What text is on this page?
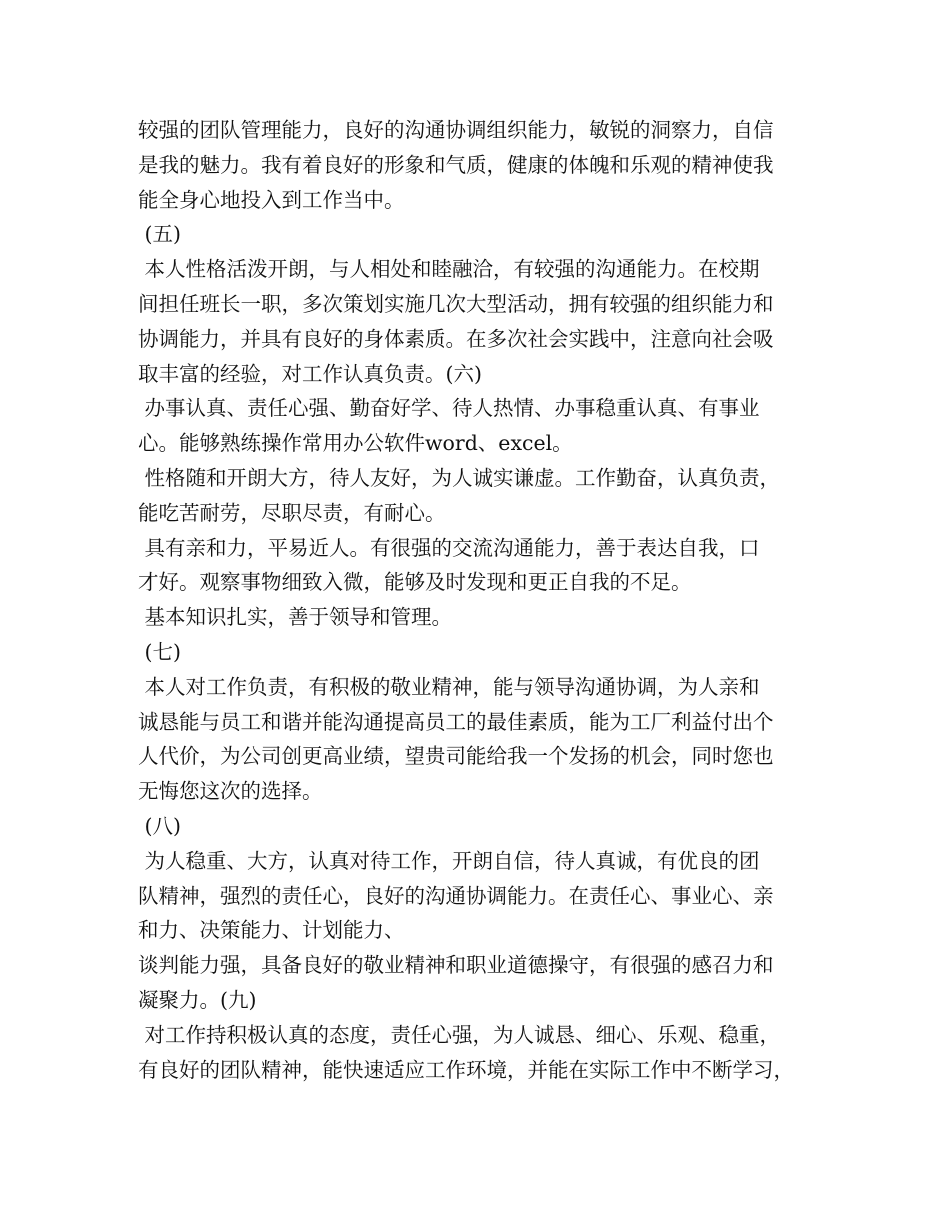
较强的团队管理能力，良好的沟通协调组织能力，敏锐的洞察力，自信
是我的魅力。我有着良好的形象和气质，健康的体魄和乐观的精神使我
能全身心地投入到工作当中。
(五)
本人性格活泼开朗，与人相处和睦融洽，有较强的沟通能力。在校期
间担任班长一职，多次策划实施几次大型活动，拥有较强的组织能力和
协调能力，并具有良好的身体素质。在多次社会实践中，注意向社会吸
取丰富的经验，对工作认真负责。(六)
办事认真、责任心强、勤奋好学、待人热情、办事稳重认真、有事业
心。能够熟练操作常用办公软件word、excel。
性格随和开朗大方，待人友好，为人诚实谦虚。工作勤奋，认真负责，
能吃苦耐劳，尽职尽责，有耐心。
具有亲和力，平易近人。有很强的交流沟通能力，善于表达自我，口
才好。观察事物细致入微，能够及时发现和更正自我的不足。
基本知识扎实，善于领导和管理。
(七)
本人对工作负责，有积极的敬业精神，能与领导沟通协调，为人亲和
诚恳能与员工和谐并能沟通提高员工的最佳素质，能为工厂利益付出个
人代价，为公司创更高业绩，望贵司能给我一个发扬的机会，同时您也
无悔您这次的选择。
(八)
为人稳重、大方，认真对待工作，开朗自信，待人真诚，有优良的团
队精神，强烈的责任心，良好的沟通协调能力。在责任心、事业心、亲
和力、决策能力、计划能力、
谈判能力强，具备良好的敬业精神和职业道德操守，有很强的感召力和
凝聚力。(九)
对工作持积极认真的态度，责任心强，为人诚恳、细心、乐观、稳重，
有良好的团队精神，能快速适应工作环境，并能在实际工作中不断学习，
